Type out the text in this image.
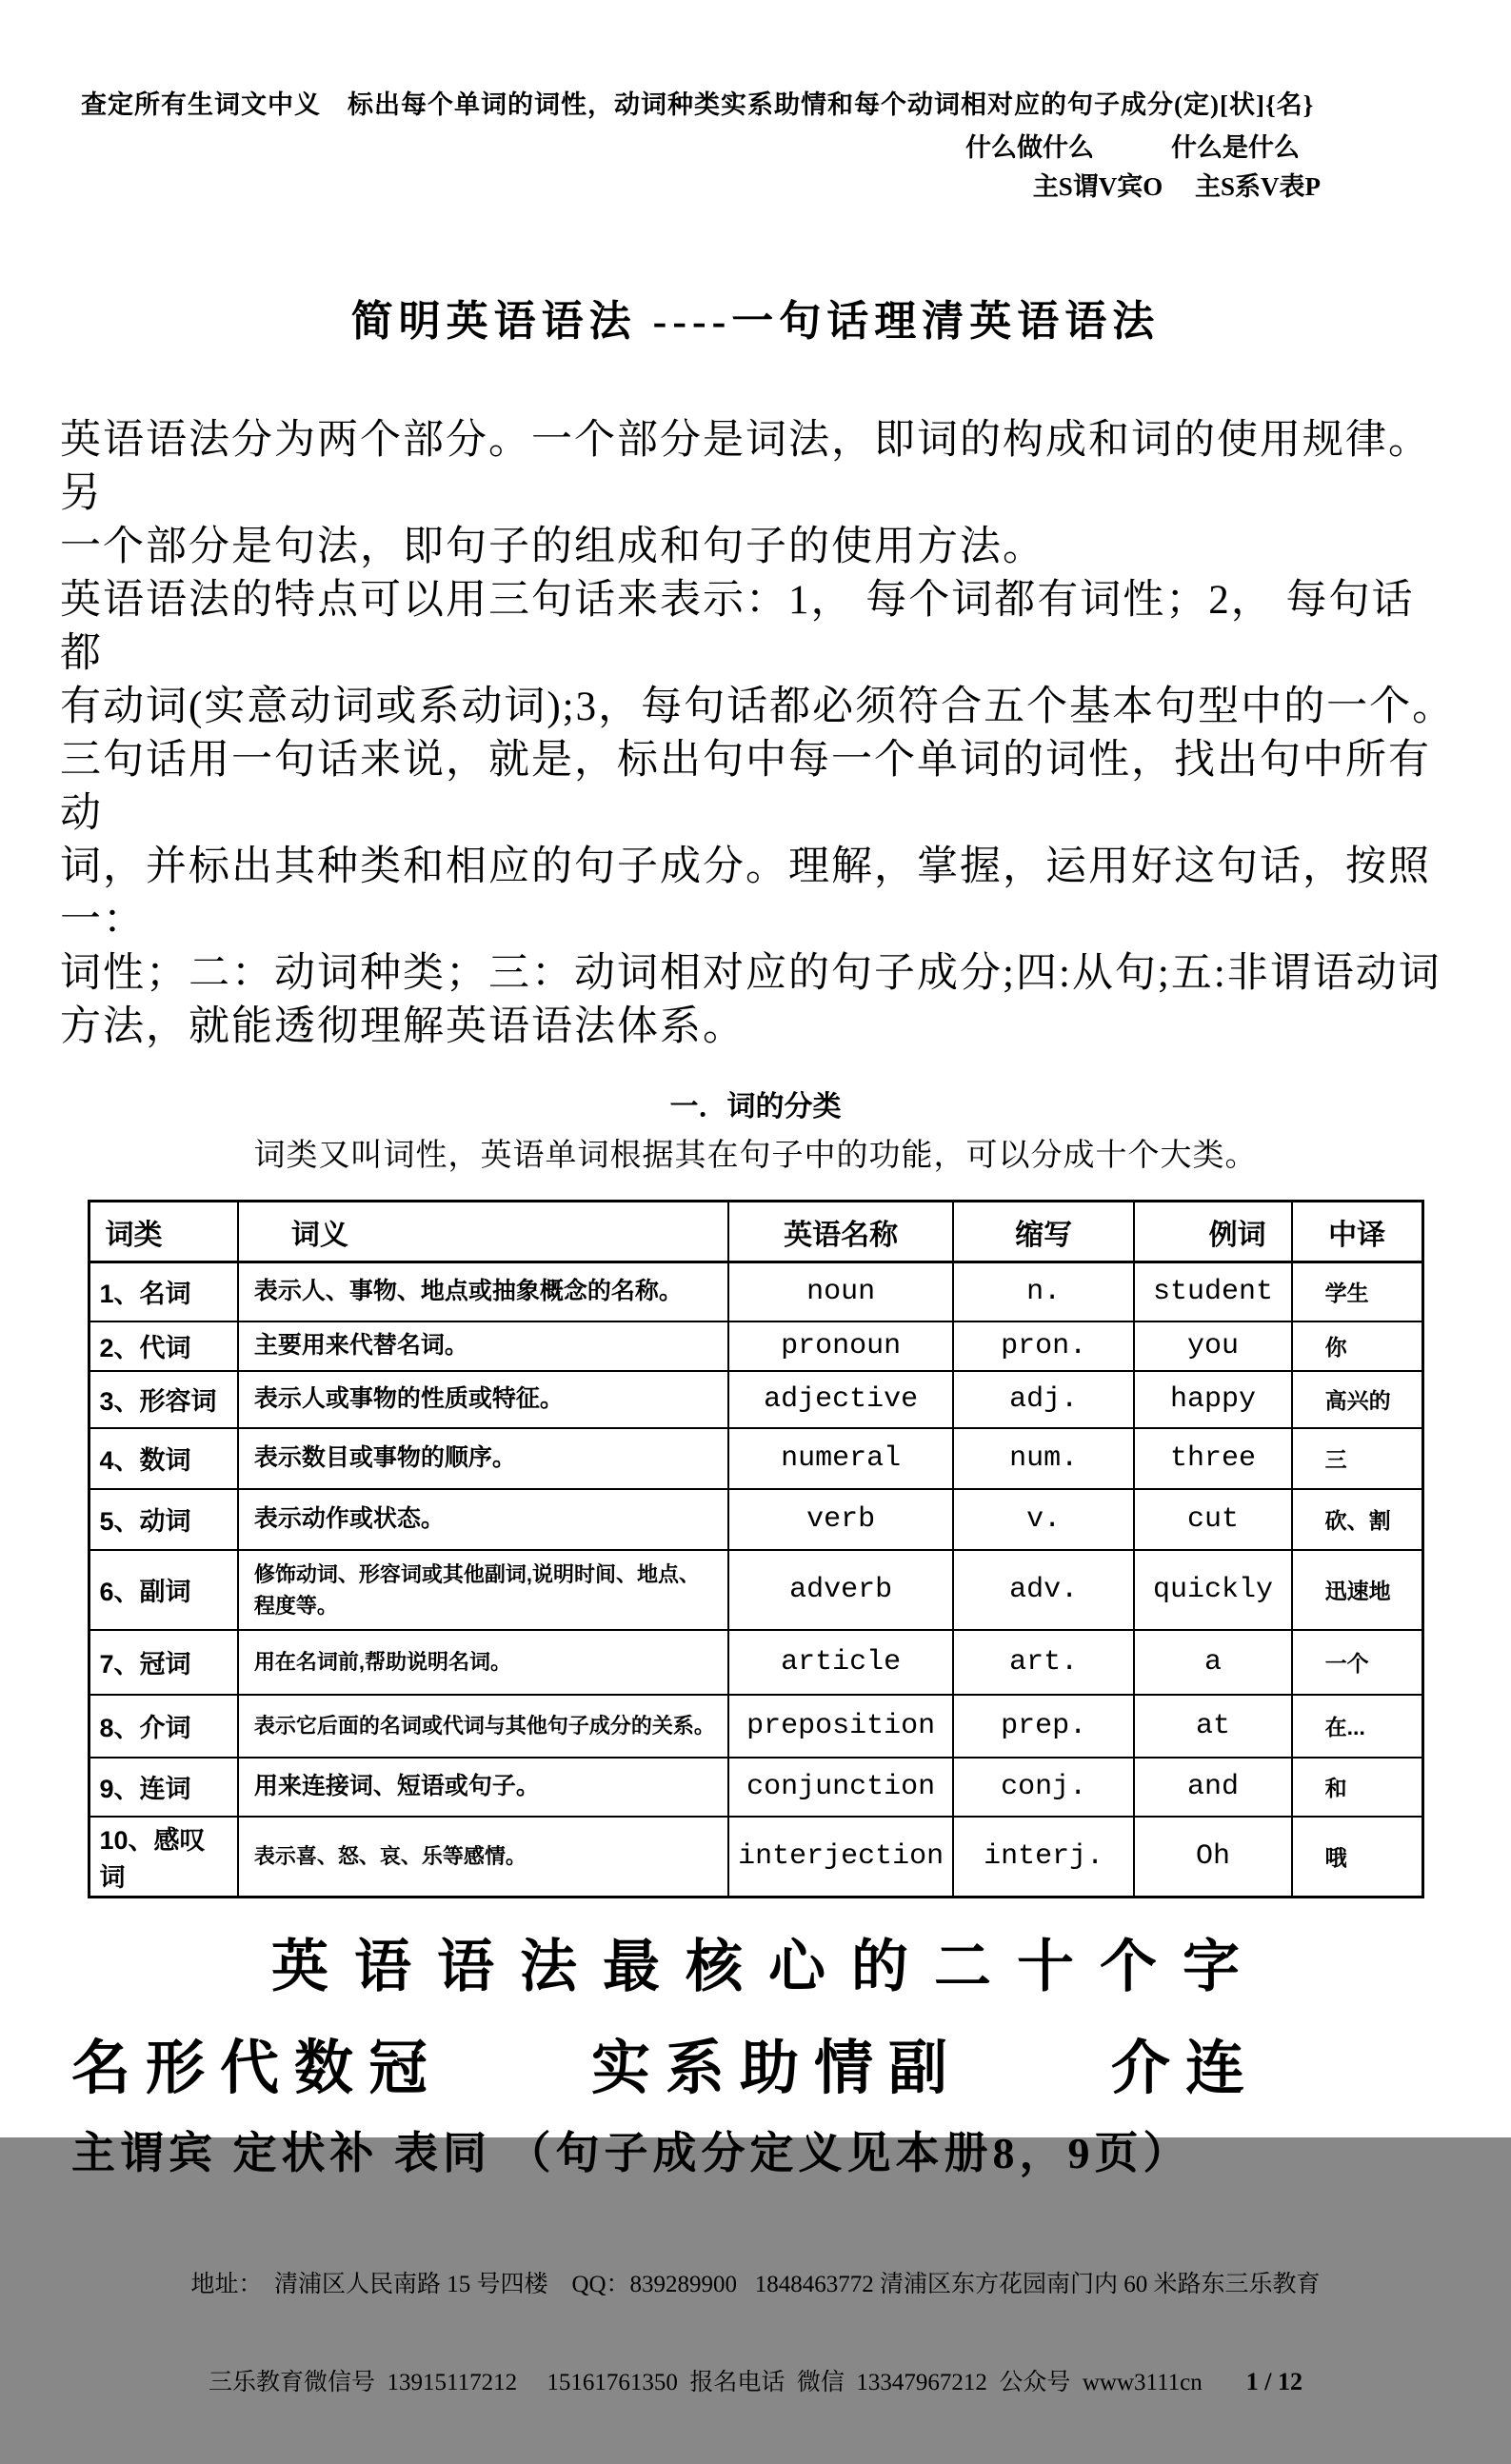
查定所有生词文中义　标出每个单词的词性，动词种类实系助情和每个动词相对应的句子成分(定)[状]{名}
什么做什么　　　什么是什么
主S谓V宾O　 主S系V表P
简明英语语法 ----一句话理清英语语法
英语语法分为两个部分。一个部分是词法，即词的构成和词的使用规律。另
一个部分是句法，即句子的组成和句子的使用方法。
英语语法的特点可以用三句话来表示：1， 每个词都有词性；2， 每句话都
有动词(实意动词或系动词);3，每句话都必须符合五个基本句型中的一个。
三句话用一句话来说，就是，标出句中每一个单词的词性，找出句中所有动
词，并标出其种类和相应的句子成分。理解，掌握，运用好这句话，按照一：
词性；二：动词种类；三：动词相对应的句子成分;四:从句;五:非谓语动词
方法，就能透彻理解英语语法体系。
一．词的分类
词类又叫词性，英语单词根据其在句子中的功能，可以分成十个大类。
词类	词义	英语名称	缩写	例词	中译
1、名词	表示人、事物、地点或抽象概念的名称。	noun	n.	student	学生
2、代词	主要用来代替名词。	pronoun	pron.	you	你
3、形容词	表示人或事物的性质或特征。	adjective	adj.	happy	高兴的
4、数词	表示数目或事物的顺序。	numeral	num.	three	三
5、动词	表示动作或状态。	verb	v.	cut	砍、割
6、副词	修饰动词、形容词或其他副词,说明时间、地点、程度等。	adverb	adv.	quickly	迅速地
7、冠词	用在名词前,帮助说明名词。	article	art.	a	一个
8、介词	表示它后面的名词或代词与其他句子成分的关系。	preposition	prep.	at	在...
9、连词	用来连接词、短语或句子。	conjunction	conj.	and	和
10、感叹词	表示喜、怒、哀、乐等感情。	interjection	interj.	Oh	哦
英语语法最核心的二十个字
名形代数冠　　实系助情副　　介连
主谓宾 定状补 表同 （句子成分定义见本册8，9页）

地址：  清浦区人民南路 15 号四楼    QQ：839289900   1848463772 清浦区东方花园南门内 60 米路东三乐教育

三乐教育微信号  13915117212     15161761350  报名电话  微信  13347967212  公众号  www3111cn 1 / 12
